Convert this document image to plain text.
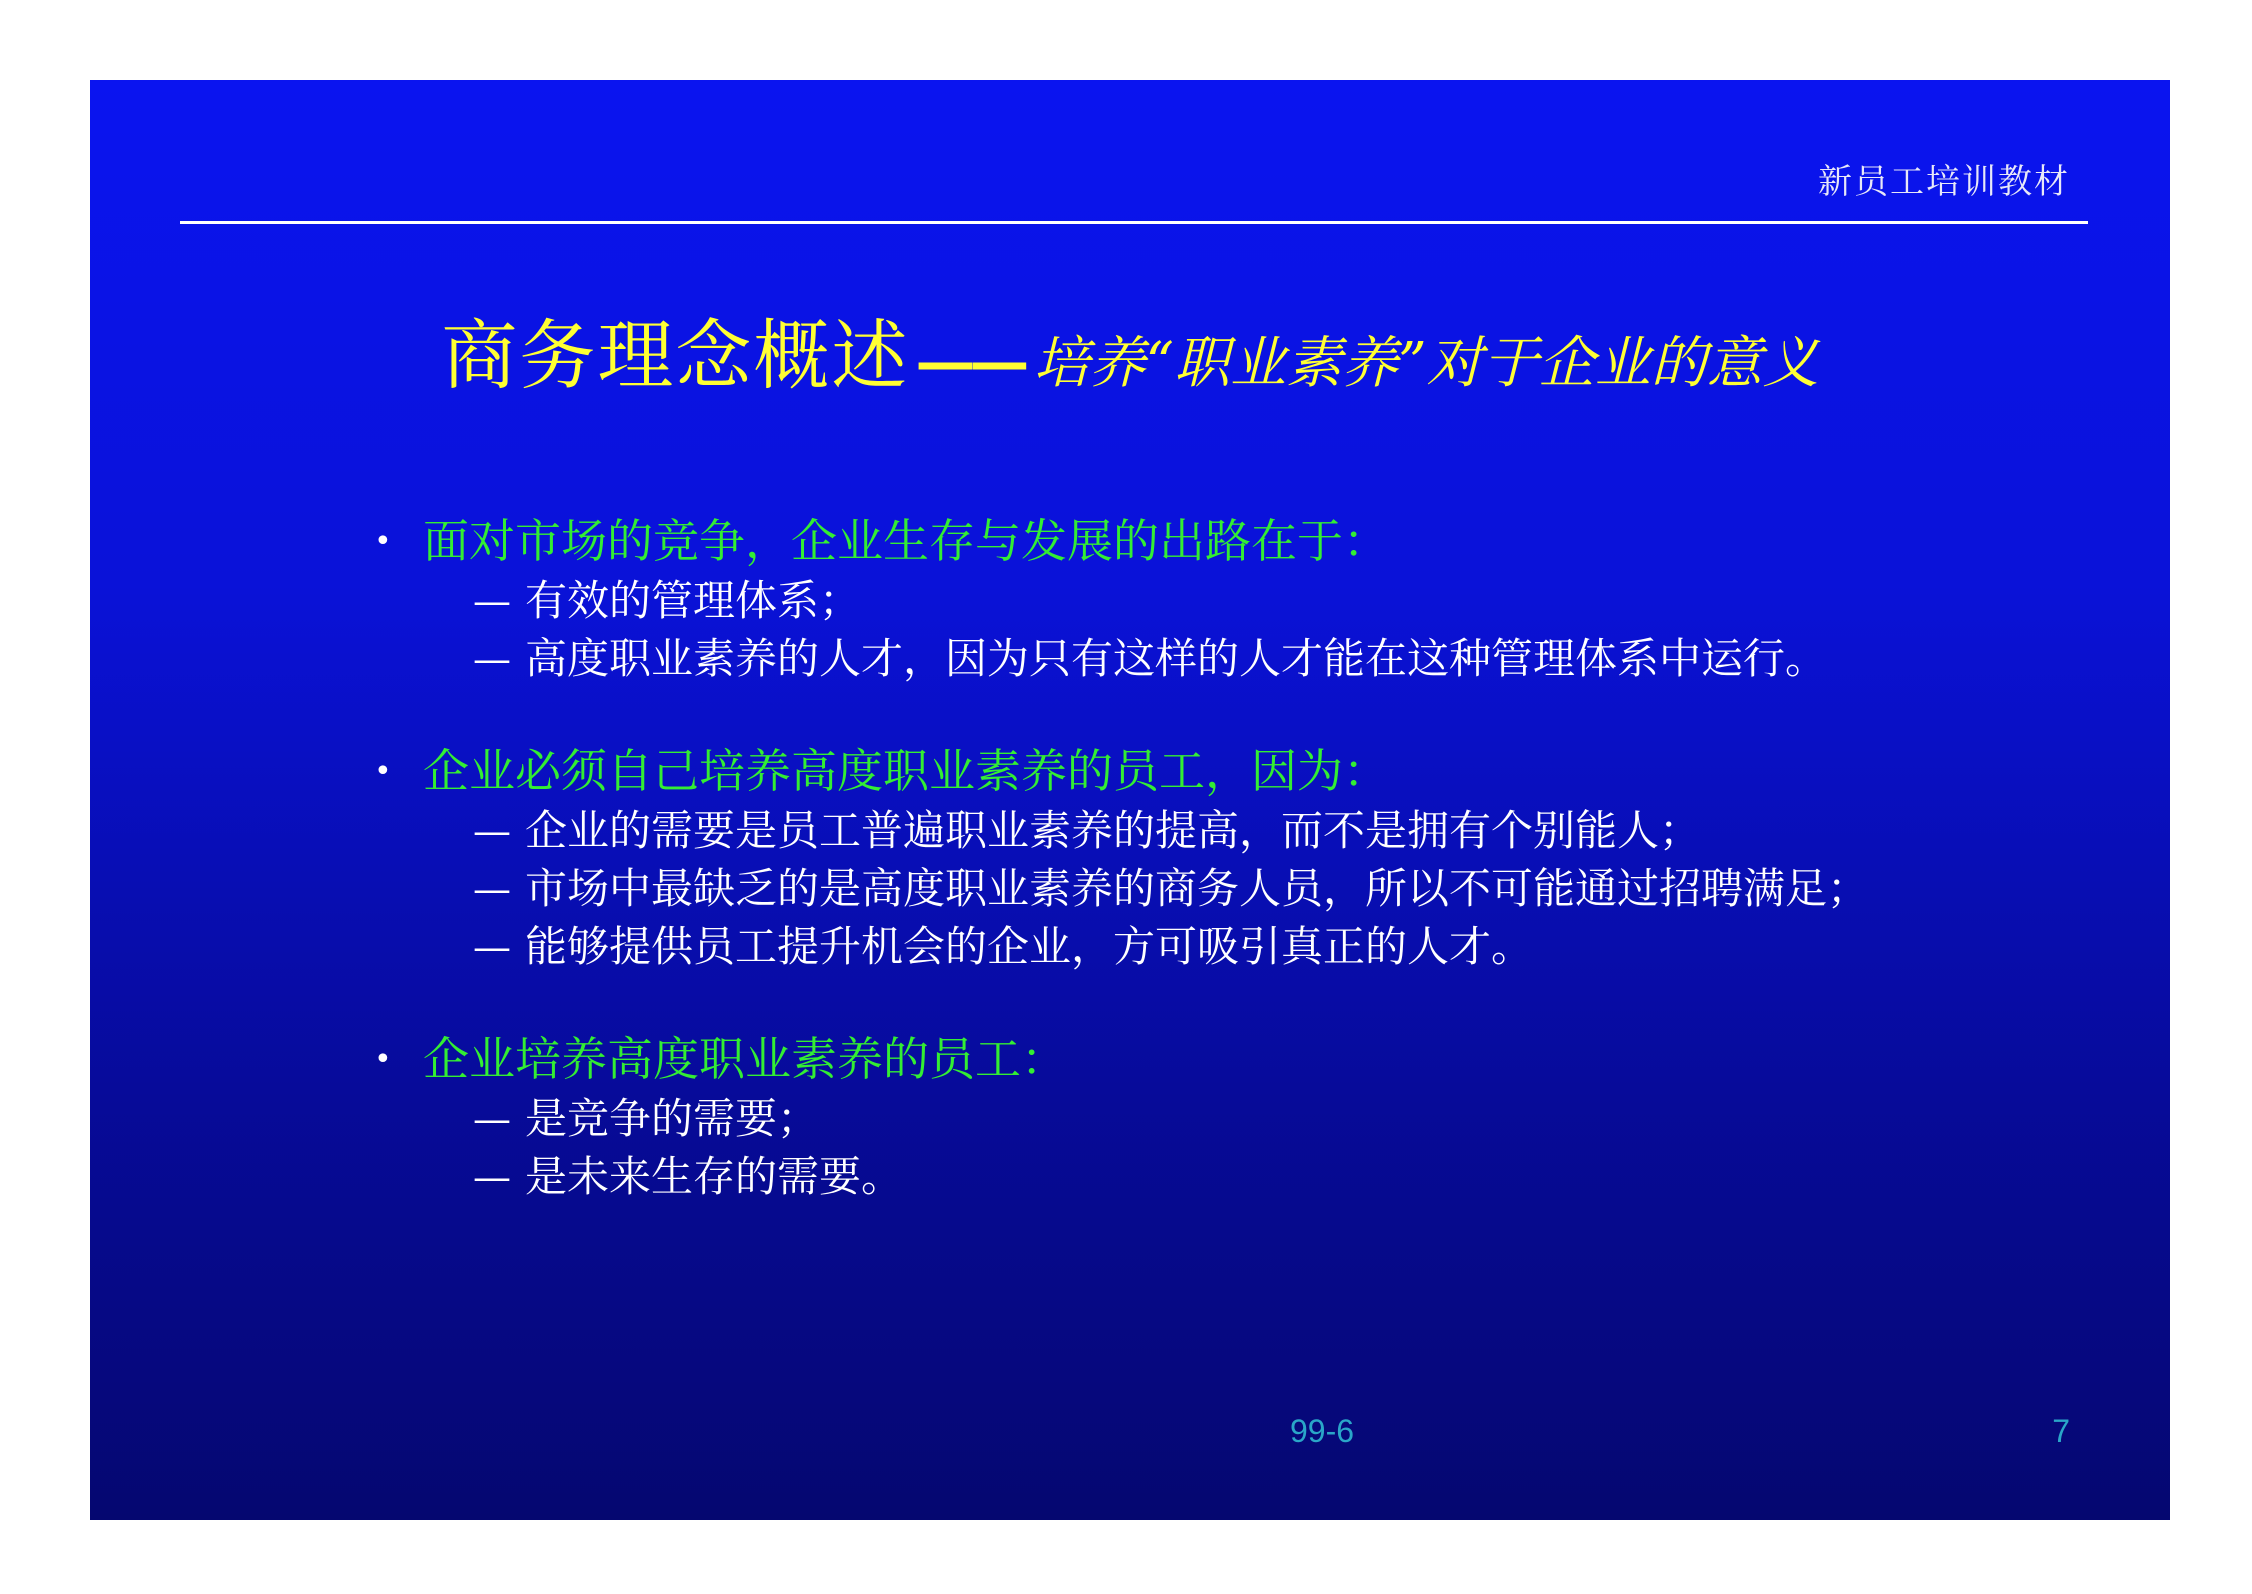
新员工培训教材
商务理念概述 —— 培养“职业素养”对于企业的意义
• 面对市场的竞争，企业生存与发展的出路在于：
— 有效的管理体系；
— 高度职业素养的人才，因为只有这样的人才能在这种管理体系中运行。
• 企业必须自己培养高度职业素养的员工，因为：
— 企业的需要是员工普遍职业素养的提高，而不是拥有个别能人；
— 市场中最缺乏的是高度职业素养的商务人员，所以不可能通过招聘满足；
— 能够提供员工提升机会的企业，方可吸引真正的人才。
• 企业培养高度职业素养的员工：
— 是竞争的需要；
— 是未来生存的需要。
99-6	7
